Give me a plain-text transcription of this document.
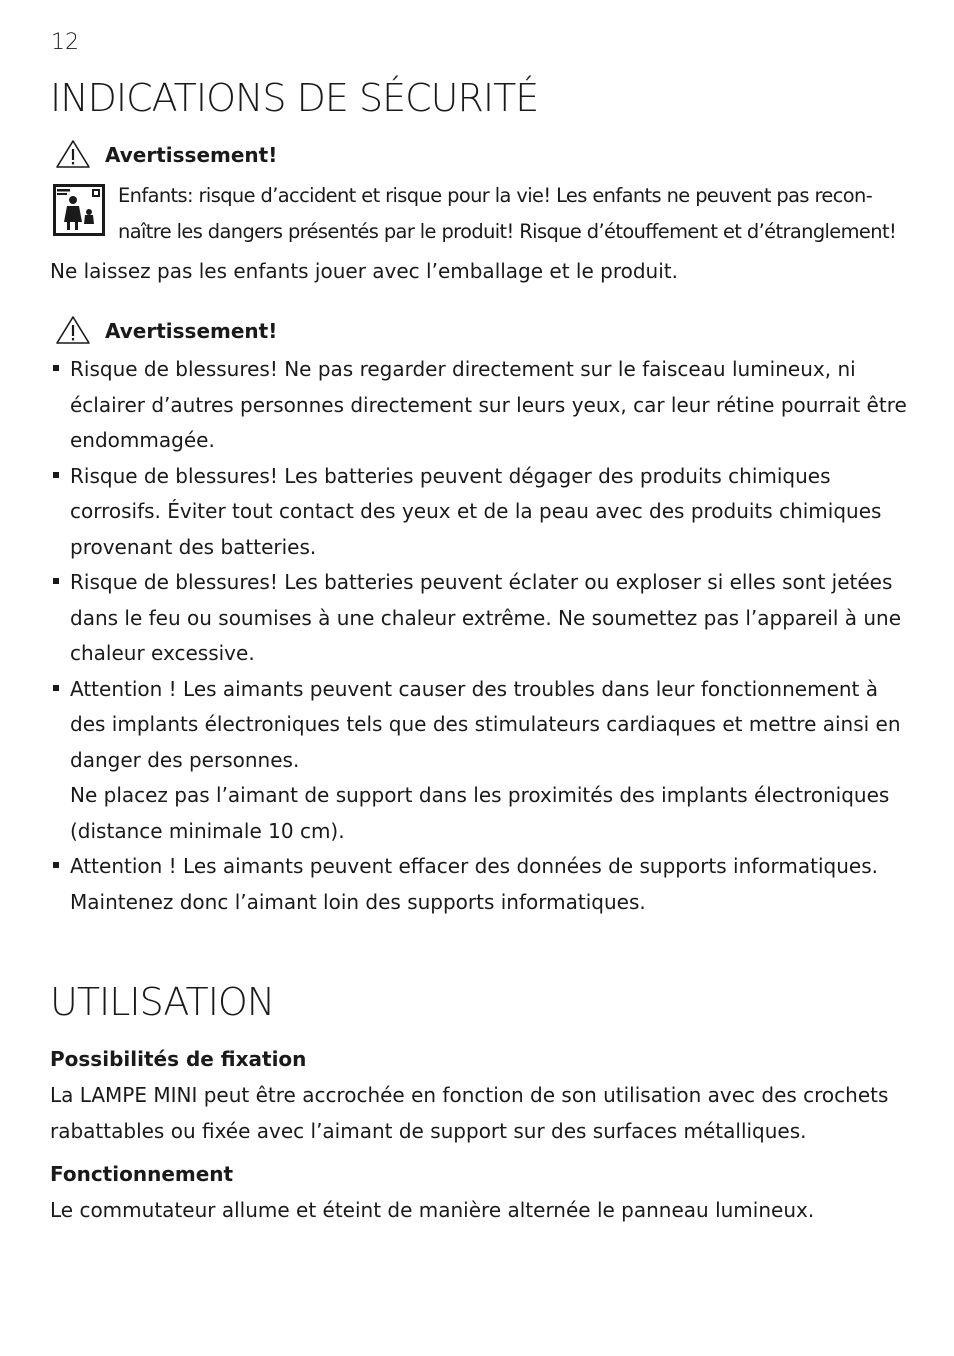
12
INDICATIONS DE SÉCURITÉ
Avertissement!
Enfants: risque d’accident et risque pour la vie! Les enfants ne peuvent pas recon-naître les dangers présentés par le produit! Risque d’étouffement et d’étranglement!
Ne laissez pas les enfants jouer avec l’emballage et le produit.
Avertissement!
Risque de blessures! Ne pas regarder directement sur le faisceau lumineux, ni éclairer d’autres personnes directement sur leurs yeux, car leur rétine pourrait être endommagée.
Risque de blessures! Les batteries peuvent dégager des produits chimiques corrosifs. Éviter tout contact des yeux et de la peau avec des produits chimiques provenant des batteries.
Risque de blessures! Les batteries peuvent éclater ou exploser si elles sont jetées dans le feu ou soumises à une chaleur extrême. Ne soumettez pas l’appareil à une chaleur excessive.
Attention ! Les aimants peuvent causer des troubles dans leur fonctionnement à des implants électroniques tels que des stimulateurs cardiaques et mettre ainsi en danger des personnes.
Ne placez pas l’aimant de support dans les proximités des implants électroniques (distance minimale 10 cm).
Attention ! Les aimants peuvent effacer des données de supports informatiques. Maintenez donc l’aimant loin des supports informatiques.
UTILISATION
Possibilités de fixation
La LAMPE MINI peut être accrochée en fonction de son utilisation avec des crochets rabattables ou fixée avec l’aimant de support sur des surfaces métalliques.
Fonctionnement
Le commutateur allume et éteint de manière alternée le panneau lumineux.
